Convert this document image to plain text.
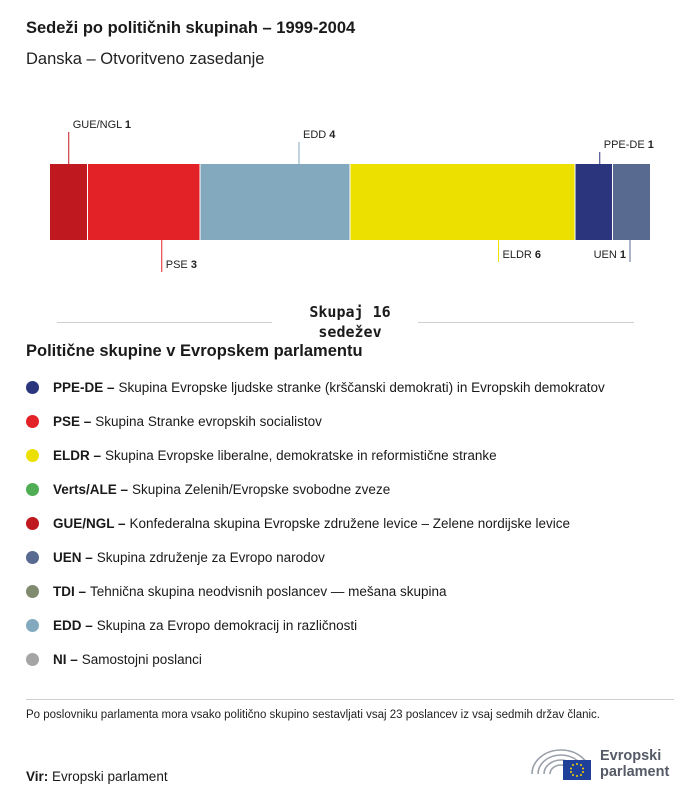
Sedeži po političnih skupinah – 1999-2004
Danska – Otvoritveno zasedanje
GUE/NGL 1
PSE 3
EDD 4
ELDR 6
PPE-DE 1
UEN 1
Skupaj 16
sedežev
Politične skupine v Evropskem parlamentu
PPE-DE – Skupina Evropske ljudske stranke (krščanski demokrati) in Evropskih demokratov
PSE – Skupina Stranke evropskih socialistov
ELDR – Skupina Evropske liberalne, demokratske in reformistične stranke
Verts/ALE – Skupina Zelenih/Evropske svobodne zveze
GUE/NGL – Konfederalna skupina Evropske združene levice – Zelene nordijske levice
UEN – Skupina združenje za Evropo narodov
TDI – Tehnična skupina neodvisnih poslancev — mešana skupina
EDD – Skupina za Evropo demokracij in različnosti
NI – Samostojni poslanci
Po poslovniku parlamenta mora vsako politično skupino sestavljati vsaj 23 poslancev iz vsaj sedmih držav članic.
Vir: Evropski parlament
Evropski
parlament
